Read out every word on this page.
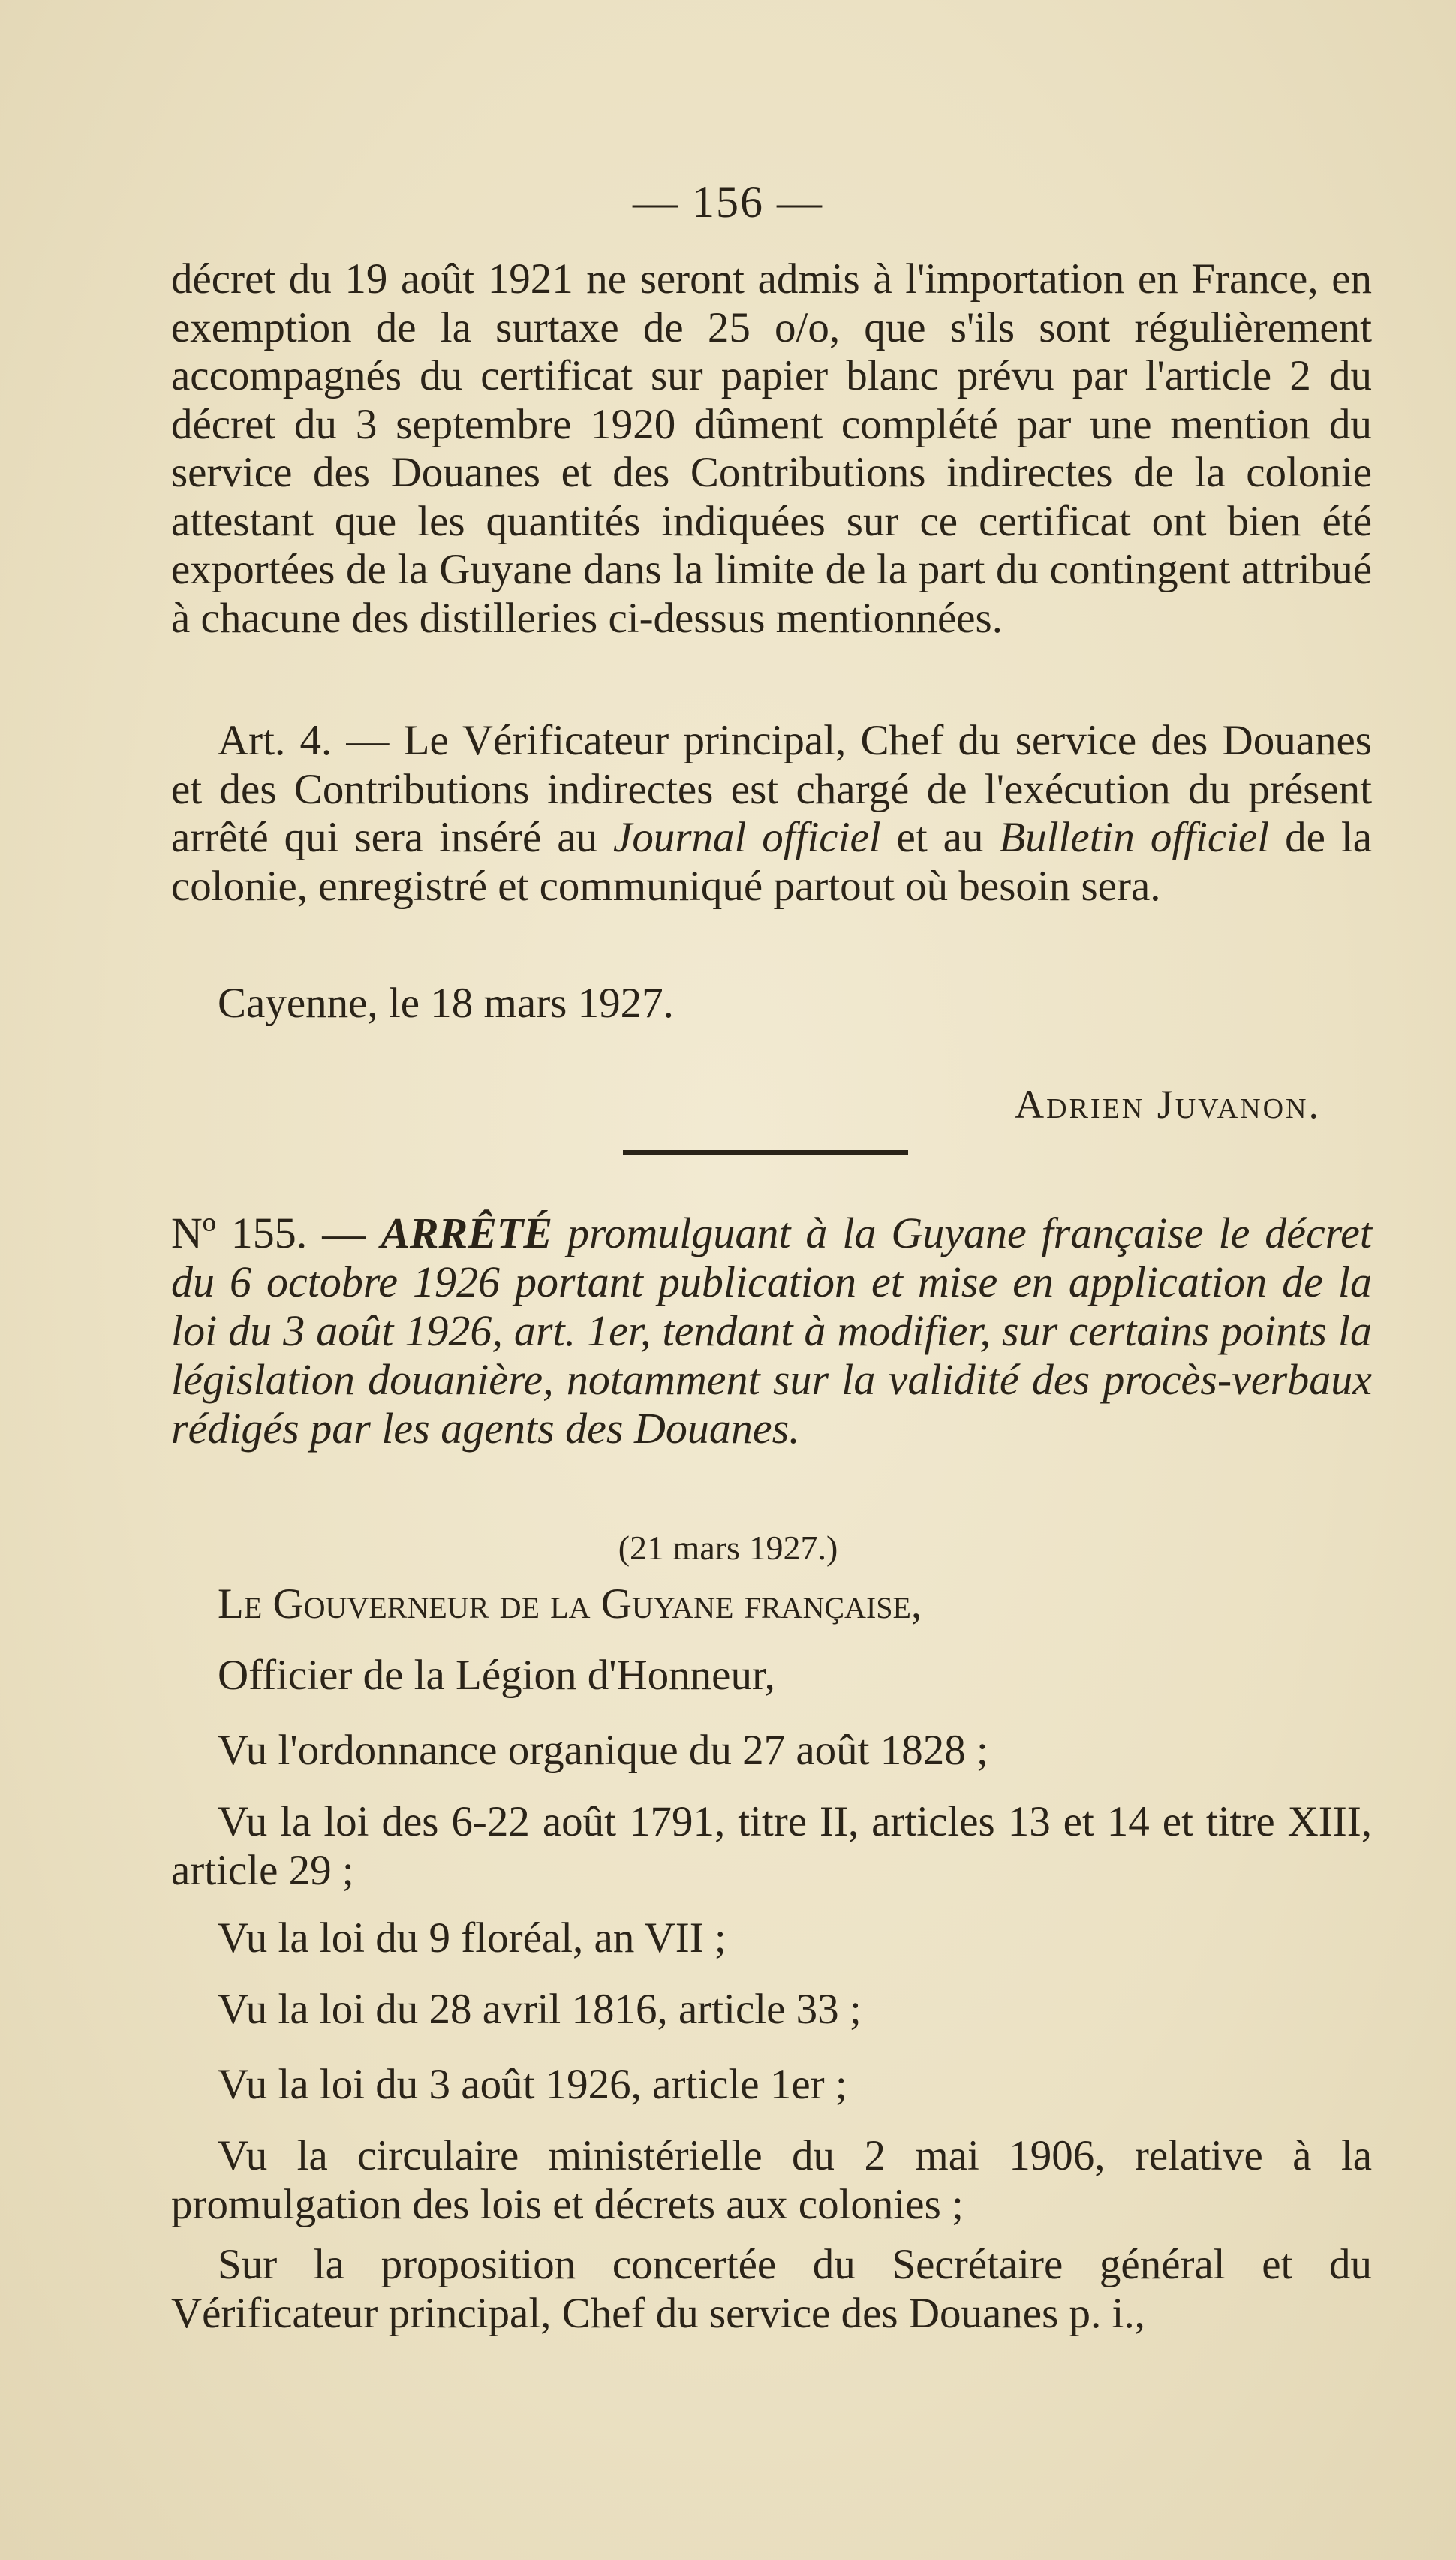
— 156 —
décret du 19 août 1921 ne seront admis à l'importation en France, en exemption de la surtaxe de 25 o/o, que s'ils sont régulièrement accompagnés du certificat sur papier blanc prévu par l'article 2 du décret du 3 septembre 1920 dûment complété par une mention du service des Douanes et des Contributions indirectes de la colonie attestant que les quantités indiquées sur ce certificat ont bien été exportées de la Guyane dans la limite de la part du contingent attribué à chacune des distilleries ci-dessus mentionnées.
Art. 4. — Le Vérificateur principal, Chef du service des Douanes et des Contributions indirectes est chargé de l'exécution du présent arrêté qui sera inséré au Journal officiel et au Bulletin officiel de la colonie, enregistré et communiqué partout où besoin sera.
Cayenne, le 18 mars 1927.
Adrien Juvanon.
Nº 155. — ARRÊTÉ promulguant à la Guyane française le décret du 6 octobre 1926 portant publication et mise en application de la loi du 3 août 1926, art. 1er, tendant à modifier, sur certains points la législation douanière, notamment sur la validité des procès-verbaux rédigés par les agents des Douanes.
(21 mars 1927.)
Le Gouverneur de la Guyane française,
Officier de la Légion d'Honneur,
Vu l'ordonnance organique du 27 août 1828 ;
Vu la loi des 6-22 août 1791, titre II, articles 13 et 14 et titre XIII, article 29 ;
Vu la loi du 9 floréal, an VII ;
Vu la loi du 28 avril 1816, article 33 ;
Vu la loi du 3 août 1926, article 1er ;
Vu la circulaire ministérielle du 2 mai 1906, relative à la promulgation des lois et décrets aux colonies ;
Sur la proposition concertée du Secrétaire général et du Vérificateur principal, Chef du service des Douanes p. i.,
